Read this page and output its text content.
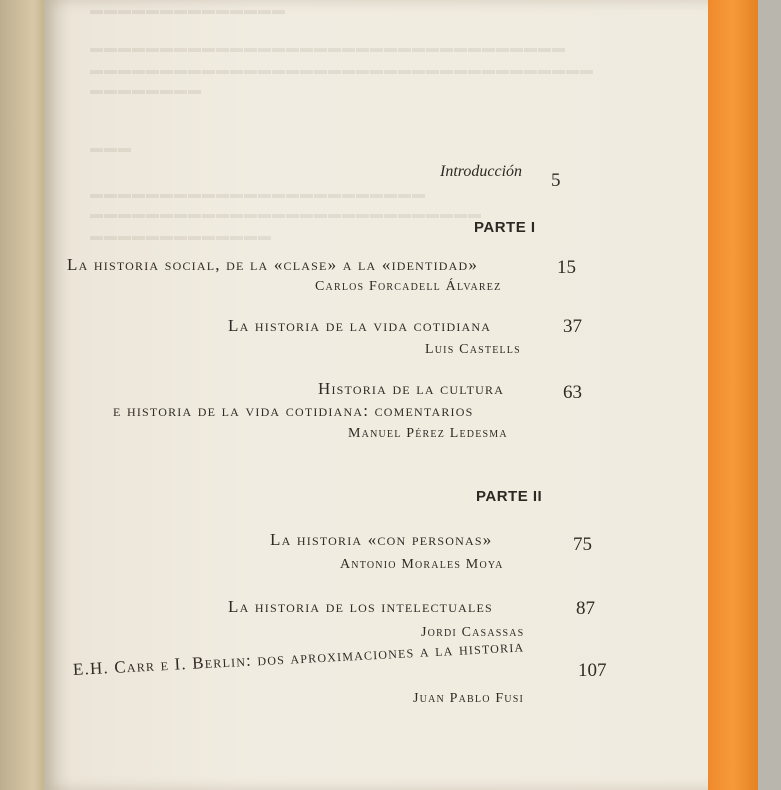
▬▬▬▬▬▬▬▬▬▬▬▬▬▬
▬▬▬▬▬▬▬▬▬▬▬▬▬▬▬▬▬▬▬▬▬▬▬▬▬▬▬▬▬▬▬▬▬▬
▬▬▬▬▬▬▬▬▬▬▬▬▬▬▬▬▬▬▬▬▬▬▬▬▬▬▬▬▬▬▬▬▬▬▬▬
▬▬▬▬▬▬▬▬
▬▬▬
▬▬▬▬▬▬▬▬▬▬▬▬▬▬▬▬▬▬▬▬▬▬▬▬
▬▬▬▬▬▬▬▬▬▬▬▬▬▬▬▬▬▬▬▬▬▬▬▬▬▬▬▬
▬▬▬▬▬▬▬▬▬▬▬▬▬
Introducción 5
PARTE I
La historia social, de la «clase» a la «identidad»	15
Carlos Forcadell Álvarez
La historia de la vida cotidiana	37
Luis Castells
Historia de la cultura	63
e historia de la vida cotidiana: comentarios
Manuel Pérez Ledesma
PARTE II
La historia «con personas»	75
Antonio Morales Moya
La historia de los intelectuales	87
Jordi Casassas
E.H. Carr e I. Berlin: dos aproximaciones a la historia	107
Juan Pablo Fusi
